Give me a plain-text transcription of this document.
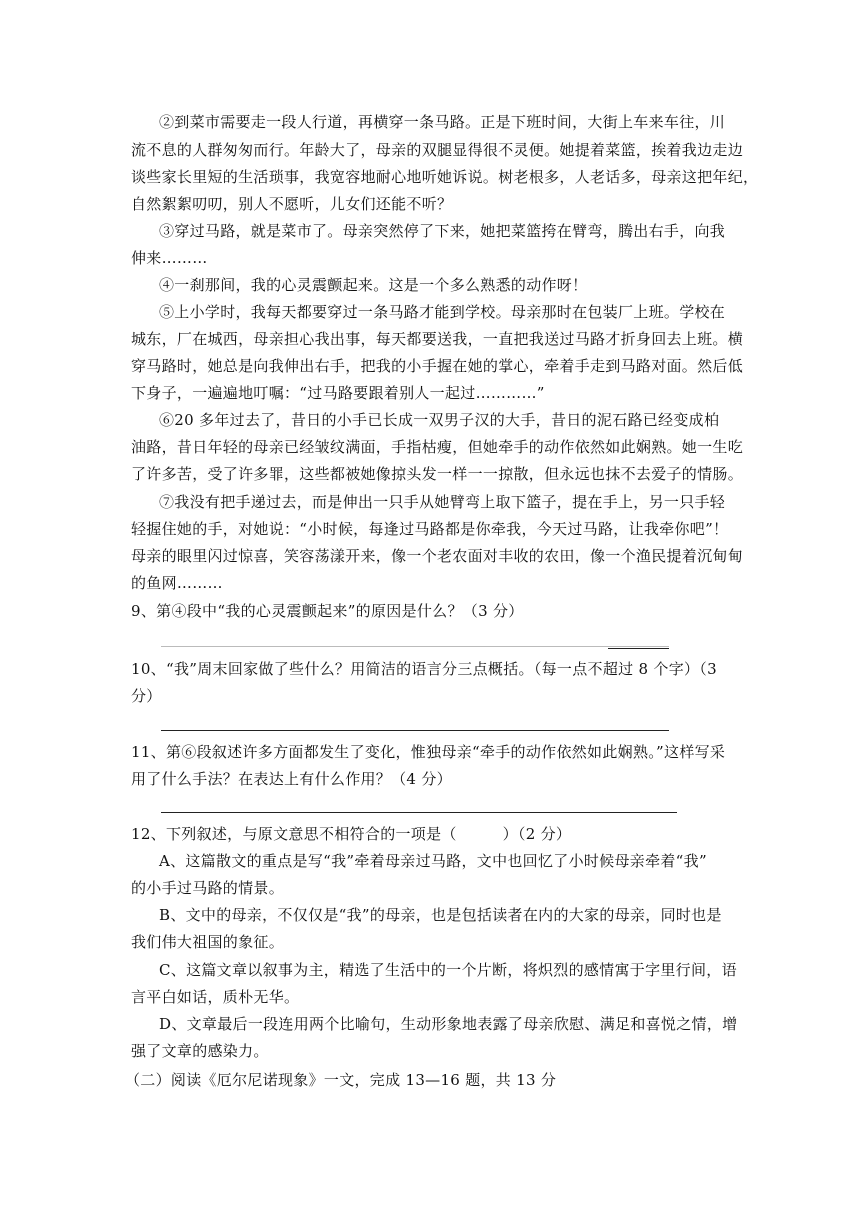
②到菜市需要走一段人行道，再横穿一条马路。正是下班时间，大街上车来车往，川
流不息的人群匆匆而行。年龄大了，母亲的双腿显得很不灵便。她提着菜篮，挨着我边走边
谈些家长里短的生活琐事，我宽容地耐心地听她诉说。树老根多，人老话多，母亲这把年纪，
自然絮絮叨叨，别人不愿听，儿女们还能不听？
③穿过马路，就是菜市了。母亲突然停了下来，她把菜篮挎在臂弯，腾出右手，向我
伸来………
④一刹那间，我的心灵震颤起来。这是一个多么熟悉的动作呀！
⑤上小学时，我每天都要穿过一条马路才能到学校。母亲那时在包装厂上班。学校在
城东，厂在城西，母亲担心我出事，每天都要送我，一直把我送过马路才折身回去上班。横
穿马路时，她总是向我伸出右手，把我的小手握在她的掌心，牵着手走到马路对面。然后低
下身子，一遍遍地叮嘱：“过马路要跟着别人一起过…………”
⑥20 多年过去了，昔日的小手已长成一双男子汉的大手，昔日的泥石路已经变成柏
油路，昔日年轻的母亲已经皱纹满面，手指枯瘦，但她牵手的动作依然如此娴熟。她一生吃
了许多苦，受了许多罪，这些都被她像掠头发一样一一掠散，但永远也抹不去爱子的情肠。
⑦我没有把手递过去，而是伸出一只手从她臂弯上取下篮子，提在手上，另一只手轻
轻握住她的手，对她说：“小时候，每逢过马路都是你牵我，今天过马路，让我牵你吧”！
母亲的眼里闪过惊喜，笑容荡漾开来，像一个老农面对丰收的农田，像一个渔民提着沉甸甸
的鱼网………
9、第④段中“我的心灵震颤起来”的原因是什么？（3 分）
10、“我”周末回家做了些什么？用简洁的语言分三点概括。（每一点不超过 8 个字）（3
分）
11、第⑥段叙述许多方面都发生了变化，惟独母亲“牵手的动作依然如此娴熟。”这样写采
用了什么手法？在表达上有什么作用？（4 分）
12、下列叙述，与原文意思不相符合的一项是（　　　）（2 分）
A、这篇散文的重点是写“我”牵着母亲过马路，文中也回忆了小时候母亲牵着“我”
的小手过马路的情景。
B、文中的母亲，不仅仅是“我”的母亲，也是包括读者在内的大家的母亲，同时也是
我们伟大祖国的象征。
C、这篇文章以叙事为主，精选了生活中的一个片断，将炽烈的感情寓于字里行间，语
言平白如话，质朴无华。
D、文章最后一段连用两个比喻句，生动形象地表露了母亲欣慰、满足和喜悦之情，增
强了文章的感染力。
（二）阅读《厄尔尼诺现象》一文，完成 13—16 题，共 13 分
